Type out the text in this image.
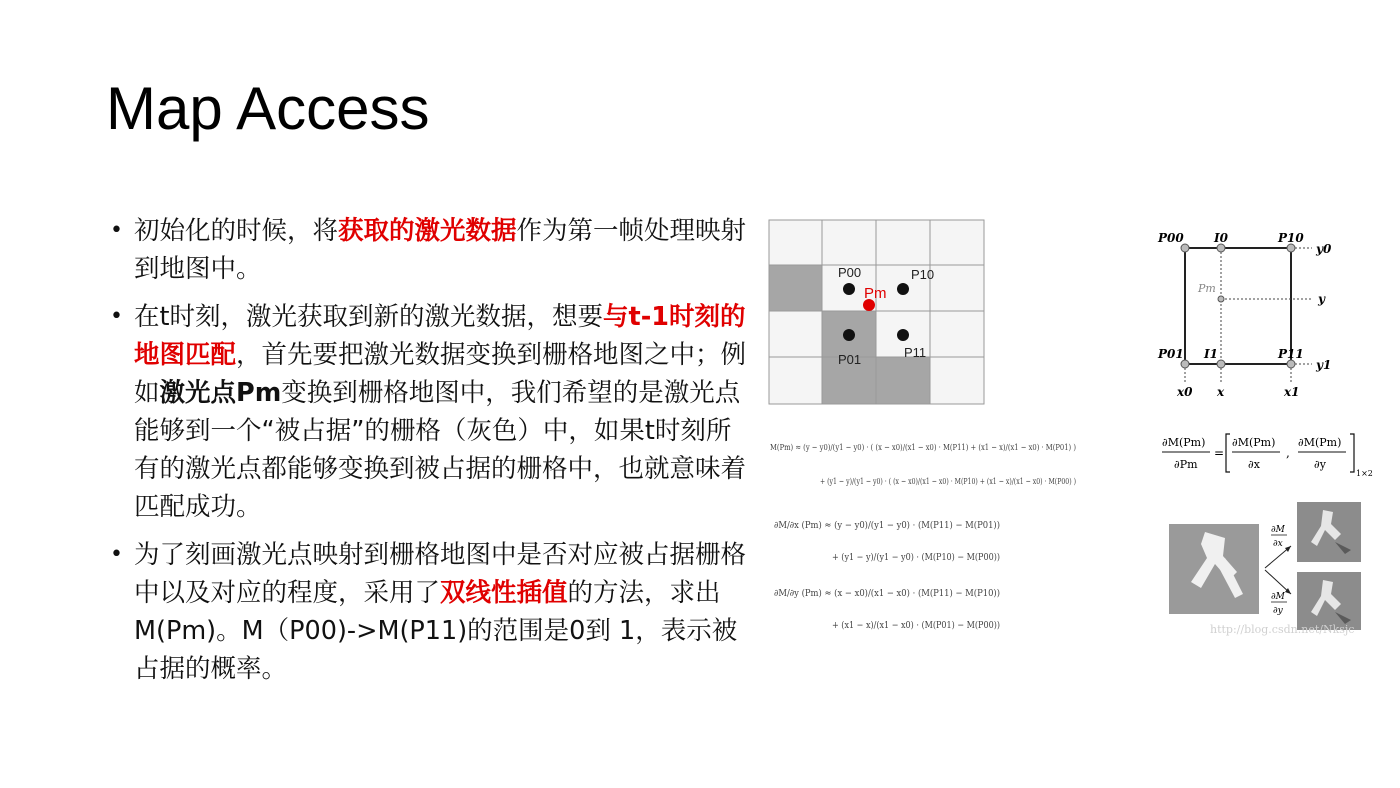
Map Access
• 初始化的时候，将获取的激光数据作为第一帧处理映射到地图中。
• 在t时刻，激光获取到新的激光数据，想要与t-1时刻的地图匹配，首先要把激光数据变换到栅格地图之中；例如激光点Pm变换到栅格地图中，我们希望的是激光点能够到一个“被占据”的栅格（灰色）中，如果t时刻所有的激光点都能够变换到被占据的栅格中，也就意味着匹配成功。
• 为了刻画激光点映射到栅格地图中是否对应被占据栅格中以及对应的程度，采用了双线性插值的方法，求出M(Pm)。M（P00)->M(P11)的范围是0到 1，表示被占据的概率。
P00	P10
Pm
P01	P11
P00	I0	P10
y0
Pm
y
P01 I1	P11
y1
x0 x	x1
M(Pm) ≈ (y − y0)/(y1 − y0) · ( (x − x0)/(x1 − x0) · M(P11) + (x1 − x)/(x1 − x0) · M(P01) )
+ (y1 − y)/(y1 − y0) · ( (x − x0)/(x1 − x0) · M(P10) + (x1 − x)/(x1 − x0) · M(P00) )
∂M/∂x (Pm) ≈ (y − y0)/(y1 − y0) · (M(P11) − M(P01))
+ (y1 − y)/(y1 − y0) · (M(P10) − M(P00))
∂M/∂y (Pm) ≈ (x − x0)/(x1 − x0) · (M(P11) − M(P10))
+ (x1 − x)/(x1 − x0) · (M(P01) − M(P00))
∂M(Pm)
∂Pm
=
∂M(Pm)
∂x
,
∂M(Pm)
∂y
1×2
∂M
∂x
∂M
∂y
http://blog.csdn.net/Nksjc
